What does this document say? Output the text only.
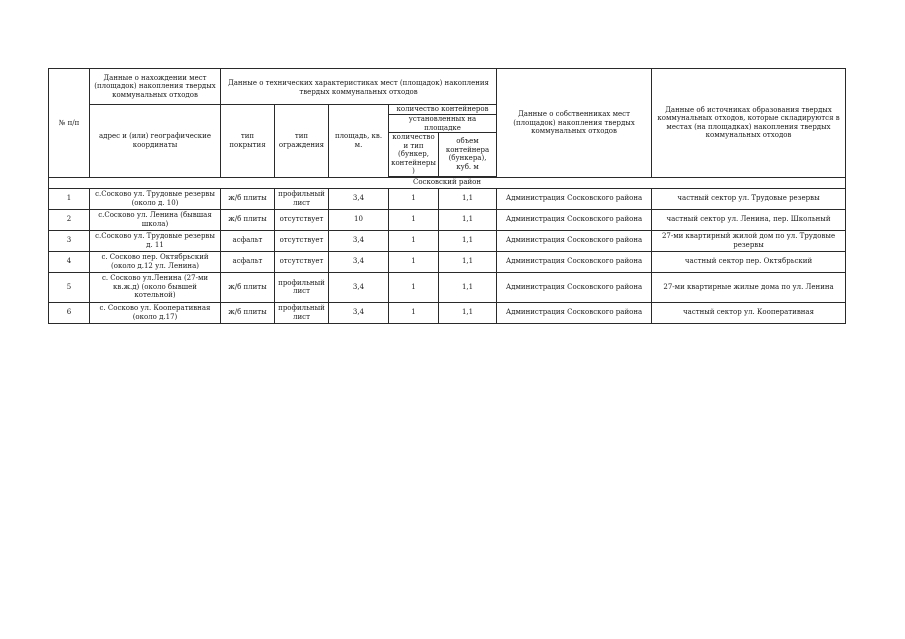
№ п/п	Данные о нахождении мест (площадок) накопления твердых коммунальных отходов	Данные о технических характеристиках мест (площадок) накопления твердых коммунальных отходов					Данные о собственниках мест (площадок) накопления твердых коммунальных отходов	Данные об источниках образования твердых коммунальных отходов, которые складируются в местах (на площадках) накопления твердых коммунальных отходов
	адрес и (или) географические координаты	тип покрытия	тип ограждения	площадь, кв. м.	количество контейнеров			
					установленных на площадке			
					количество и тип (бункер, контейнеры)	объем контейнера (бункера), куб. м		

Сосковский район								
1	с.Сосково ул. Трудовые резервы (около д. 10)	ж/б плиты	профильный лист	3,4	1	1,1	Администрация Сосковского района	частный сектор ул. Трудовые резервы
2	с.Сосково ул. Ленина (бывшая школа)	ж/б плиты	отсутствует	10	1	1,1	Администрация Сосковского района	частный сектор ул. Ленина, пер. Школьный
3	с.Сосково ул. Трудовые резервы д. 11	асфальт	отсутствует	3,4	1	1,1	Администрация Сосковского района	27-ми квартирный жилой дом по ул. Трудовые резервы
4	с. Сосково пер. Октябрьский (около д.12 ул. Ленина)	асфальт	отсутствует	3,4	1	1,1	Администрация Сосковского района	частный сектор пер. Октябрьский
5	с. Сосково ул.Ленина (27-ми кв.ж.д) (около бывшей котельной)	ж/б плиты	профильный лист	3,4	1	1,1	Администрация Сосковского района	27-ми квартирные жилые дома по ул. Ленина
6	с. Сосково ул. Кооперативная (около д.17)	ж/б плиты	профильный лист	3,4	1	1,1	Администрация Сосковского района	частный сектор ул. Кооперативная
